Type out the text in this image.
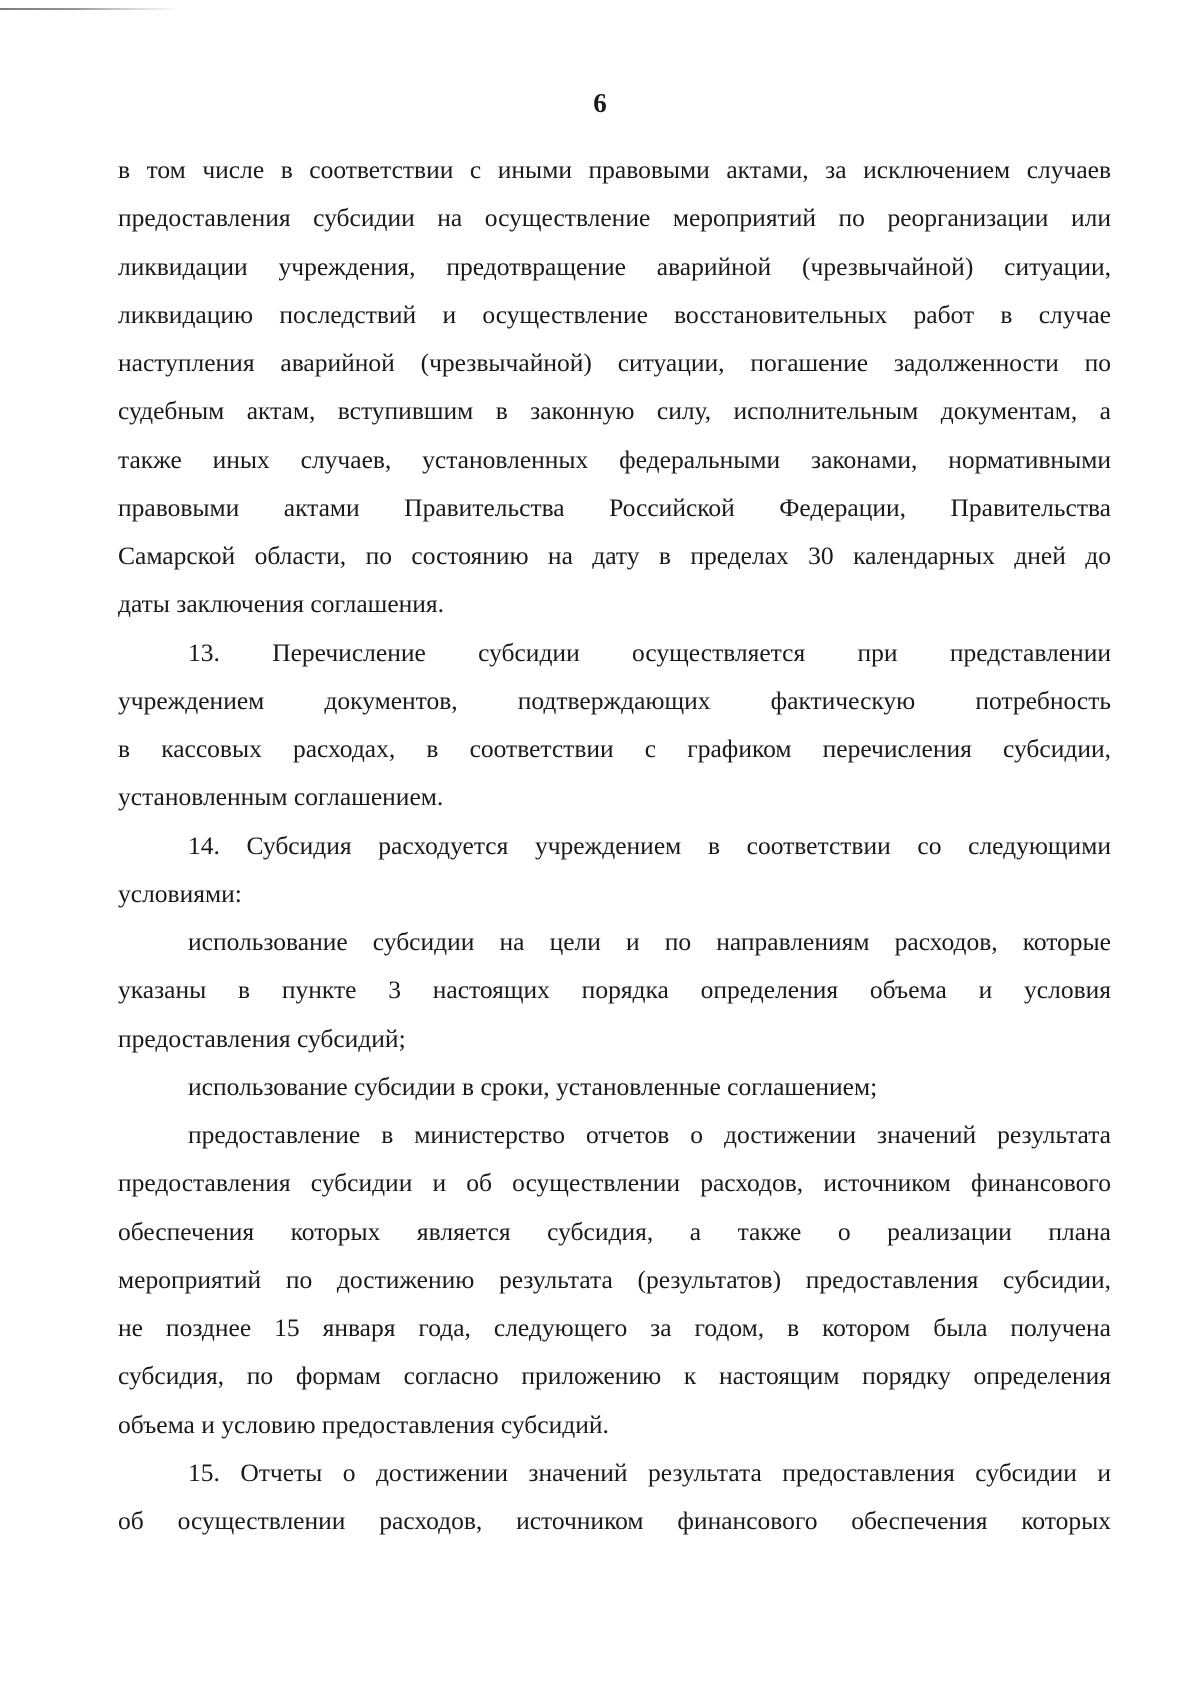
6
в том числе в соответствии с иными правовыми актами, за исключением случаев
предоставления субсидии на осуществление мероприятий по реорганизации или
ликвидации учреждения, предотвращение аварийной (чрезвычайной) ситуации,
ликвидацию последствий и осуществление восстановительных работ в случае
наступления аварийной (чрезвычайной) ситуации, погашение задолженности по
судебным актам, вступившим в законную силу, исполнительным документам, а
также иных случаев, установленных федеральными законами, нормативными
правовыми актами Правительства Российской Федерации, Правительства
Самарской области, по состоянию на дату в пределах 30 календарных дней до
даты заключения соглашения.
13. Перечисление субсидии осуществляется при представлении
учреждением документов, подтверждающих фактическую потребность
в кассовых расходах, в соответствии с графиком перечисления субсидии,
установленным соглашением.
14. Субсидия расходуется учреждением в соответствии со следующими
условиями:
использование субсидии на цели и по направлениям расходов, которые
указаны в пункте 3 настоящих порядка определения объема и условия
предоставления субсидий;
использование субсидии в сроки, установленные соглашением;
предоставление в министерство отчетов о достижении значений результата
предоставления субсидии и об осуществлении расходов, источником финансового
обеспечения которых является субсидия, а также о реализации плана
мероприятий по достижению результата (результатов) предоставления субсидии,
не позднее 15 января года, следующего за годом, в котором была получена
субсидия, по формам согласно приложению к настоящим порядку определения
объема и условию предоставления субсидий.
15. Отчеты о достижении значений результата предоставления субсидии и
об осуществлении расходов, источником финансового обеспечения которых
